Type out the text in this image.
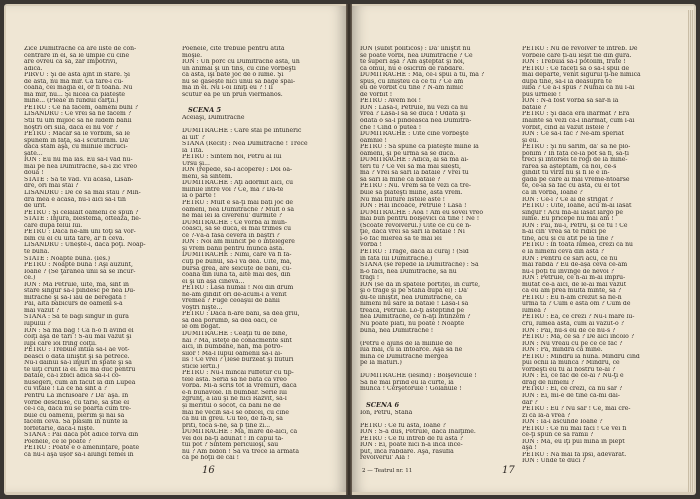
Zice Dumitrache că are liste de con-
centrare în el, să le umple cu cine
are ovreu ca să, zar Împotrivi,
adică.
PIRVU : Şi de asta ajnt în stare. Şi
de asta, nu mă mir. Că tare-i cu-
coana, cei măgia el, or fi toana. Nu
mă mir, nu... Şi nicea că plăteşte
mine... (Pleăe în fundul cărţii.)
PETRU : Ce na facem, oameni buni ?
LISANDRU : Ce vrei să ne facem ?
Stil tu um mijloc să ne ludem banii
noştri ori sila, dacă ei nu vor ?
PETRU : Măcar să le vorbim, să le
spunem în faţă, să-i scuturăm. Da'
dacă stăm aşa, cu mîinile încruci-
şate...
ION : Eu nu mă las. Eu să-l vad nu-
mai pe nea Dumitrache, să-i zic vreo
două !
STATE : Să te văd. Vii acasă, Lisan-
dre, ori mai stai ?
LISANDRU : De ce să mai stau ? Mîn-
dra mea e acasă, nu-i aici să-i tin
de urit.
PETRU : Şi celălalt oameni ce spun ?
STATE : Înjură, blestemă, oftează, fie-
care după felul lui.
PETRU : Dacă ne-am uni toţi să vor-
bim cu el cu uita tare, ar fi ceva.
LISANDRU : Unește-i, dacă poţi. Noap-
te bună.
STATE : Noapte bună. (Ies.)
PETRU : Noapte bună ! Aşi auzunt,
Ioane ? (Se ţaranea unii să se încur-
ce.)
ION : Mă Petrule, uite, mă, sînt in
stare singur să-l pindesc pe nea Du-
mitrache şi să-l iau de beregată !
Păi, alta babicurs de oameni s-a
mai văzut ?
STANA : Să te bagi singur în gura
lupului ?
ION : Să mă bag ! Că n-o fi avind el
colţi aşa de tari ! S-au mai văzut şi
lupi care ioi frîng colţii.
PETRU : Trebuie întîia să-i ae vot-
beasci o dată liniştit şi să petrece.
Nu-i dăinui să-i înjuri în spate şi să
te uiţi crunt la el. Eu mă duc pentru
bătaie, că-i zbici adică să-i-l co-
nusegeri, cum an făcut la din Lupea
cu vitale ! La ce na sînt a ?
Pentru La închisoare ? Da' aşa. În
vorbe deschise, cu tărie, să știe el
ce-i ca, dacă nu se poartă cum tre-
buie cu oamenii, pierim şi nai să
facem ceva. Să plăsim în nunte la
forfetărie, dacă-i nişte.
STANA : Păi dacă pot adice forvă din
Poenele, ce le poate ?
PETRU : Poate e o amenințare, poate
că nu-i aşa ușor să-i alungi femei în
Poenele, cite trebuie pentru atita
moşie.
ION : Un porc cu Dumitrache ăsta, un
un animal şi un tins, cu cine vorbeşti
ca ăsta, îşi bate joc de o lume. Şi
nu se găseşte nici unui să bage spai-
ma în el. Nu i-oi liniţi eu ? ! Îi
scutur ea pe un prun viermănos.

SCENA 5
Aceiaşi, Dumitrache

DUMITRACHE : Care stai pe întuneric
ai uit' ?
STANA (Recit) : Nea Dumitrache ! Trece
la Tita.
PETRU : Sintem noi, Petru al lui
Ursu şi...
ION (repede, să-l acopere) : Doi oa-
meni, să sintem.
DUMITRACHE : Aţi adormit aici, cu
mîinile între voi ? Ce, mă ? Da-te
la o parte !
PETRU : Mult e să-ţi mai bați joc de
oameni, nea Dumitrache ? Mult o să
ne mai iei la cîverenu' durmite ?
DUMITRACHE : Ce vorbă ai mun-
coasci, să se ducă, ei mai trimes cu
ce ?-Vă-a fasă cevera în baştri ?
ION : Noi am muncit pe o înțelegere
şi vrem banii pentru munca asta.
DUMITRACHE : Nimi, care va fi fă-
cuţi pe bunul, să-i vă dea. Uite, mă,
bursa grea, are seicuțe de bani, cu-
coana din luna ta, alte mai des, din
ei şi un aşa cineva...
PETRU : Lasă numai ! Noi din drum
ne-am gîndit ori de-acum-i a venit
vremea ? Fuge ceoaşul de banii
voştri nişte...
PETRU : Dacă n-are bani, să dea griu,
să dea porumb, să dea oaci, ce
le om bogat.
DUMITRACHE : Ceaţii tu de bine,
hai ? Mă, isteţe de conacmente sint
aici, în bumbane, nan, mă potro-
silor ! Mă-l lupul oamenii să-i ai-
lis ! Ce vrei ? (Iese burzeat şi fluturi
sticle iertii.)
PETRU : Nu-i mîncai ruffetur cu tip-
tele ăsta. Seria să ne bată ca vreo
vorbă. Mi-a scris tot la vremuri, dacă
e-n bunăvoie. În bumbar. Serie lui
zgrunţ, a iau şi ne nici Răzvit, să-l
și meritul o socot, că bani ne de
mai ne vecin să-l se obicei, cu cine
ca nu în greu. Cu teo, de fă-n, să
priti, toca s-ne, să p ține zi...
DUMITRACHE : Mă, mare de-aici, că
vei doi bă-ţi adunat ! În capul tă-
tui pot ? Sîntem periculoşi, sau
nu ? Am bidon ! Să va trece la armata
ca pe hoţii de cai !
16
ION (subit politicos) : Da' liniştit nu
se poate vorbi, nea Dumitrache ? Ce
te superi aşa ? Am aşteptat şi noi,
ca omul, nu e osicrim de răbdare.
DUMITRACHE : Mă, ce-i spui a tu, mă ?
spus, cu lînișteu ca ce tu ? Ce am
eu de vorbit cu tine ? N-am nimic
de vorbit !
PETRU : Avem noi !
ION : Lasă-l, Petrule, nu vezi că nu
vrea ? Lasă-l să se ducă ! Odată şi
odată o să-l pindească nea Dumitra-
che ! Cînd o putea !
DUMITRACHE : Uite cine vorbeşte
oamnie !
PETRU : Să spune că plăteşte mîine la
oameni, şi pe urmă să se ducă.
DUMITRACHE : Adică, ai să mă ai-
teri tu ? Ce vei să mă mai sîlești,
mă ? Vrei să sari la bătaie ? Vrei tu
să sari la mine ca bătaie ?
PETRU : Nu. Vrem să te vezi că tre-
buie să plăteşti mîine, asta vrem.
Nu mai fluture listele aste !
ION : Hai încoace, Petrule ! Lasă !
DUMITRACHE : Aoa ! Am eu sovei vreo
mai bun pentru bolşevici ca tine ! Ne !
(Scoate revolverul.) Uite ce cu ce n-
ţie, dacă vrei să sari la bătaie ! Ni
i-o fac mierea să te mai iei
vorba !
PETRU : Trage, dacă ai curaj ! (Sîd
în fata lui Dumitrache.)
STANA (se repede la Dumitrache) : Să
n-o faci, nea Dumitrache, să nu
tragi !
ION (se dă în spatele portiţei, în curte,
şi o trage şi pe Stana după el) : Da'
du-te liniştit, nea Dumitrache, că
nimeni nu sare la bătaie ! Lasă-l să
treacă, Petrule. Lo-ţi asteptind pe
nea Dumitrache, ce n-ăţi întinzem ?
Nu poate plăti, nu poate ! Noapte
bună, nea Dumitrache !

(Petru e ajuns de la mîinile de
lua mai, cu la intoarce. Aşa să ne
mină ce Dumitrache mergea
pe la maturi.)

DUMITRACHE (iesind) : Bolşevicule !
Să ne mai prind eu la curte, la
muncă ! Cerşetorule ! Golanule !

SCENA 6
Ion, Petru, Stana

PETRU : Ce fu asta, Ioane ?
ION : S-a dus, Petrule, dacă Înălţime.
PETRU : Ce fu întreb de fu asta ?
ION : Ei, poate nici n-a încă înce-
put, încă răbdare. Aşa, răsuflă
revolverul' Ala !
PETRU : Nu de revolver te întreb. De
vorbele care ți-au ieşit tie din gură.
ION : Trebuia să-l potolim, frate !
PETRU : Ce faceți să o să-l spui de
mai departe, venit sigurul ţi-ne nimica
după tine, să-l ia deasupra te
iubă ? Ce a-i spus ? Numai că nu l-ai
pus urmele !
ION : N-a fost vorba să sar-n la
bătaie ?
PETRU : Şi dacă era înarmat ? Era
Înainte să vezi că-i înarmat, cum l-ai
vorbit, cînd ai văzut listele ?
ION : Ce să-i fac ? Ne-am speriat
şi eu.
PETRU : Şi nu sărim, da' să ne plo-
ponim ? În fața ce-ia pot să fi, să-ți
treci și întorsei te rogi de la mine-
rarea să așteptăm, că noi, ce-s
gîndit tu vîrzi nu și fi le e în-
gădă pe care ai mai vreme-ntoarse
te, ce-ia să fac cu asta, cu el tot
ca în vorbă, Ioane ?
ION : Ce-i ? Ce ai de strigat ?
PETRU : Uite, Ioane, acu m-ai lăsat
singur ! Acu mă-ai lăsat largo pe
lume. Eu pricepe nu mai am !
ION : Păi, nu-i, Petru, și ce tu ! Ce
n-ai cin' vrea să te ridici pe
tine, acu și cu atît pe la tine ?
PETRU : În toată lumea, crezi că nu
e la nimeni ceva din asta ?
ION : Pentru ce sari acu, ce nu
mai rabdă ? Eu de-așa ceva ce-am
nu-i poți tu învinge de nevoi ?
ION : Petrule, ce n-ai m-ai împru-
mutat ce-a aici, de le-ai mai văzut
că eu am prea multă minte, să ?
PETRU : Eu n-am crezut să fie-n
urma ta ? Cum e ăsta om ? Cum de
lumea ?
PETRU : Ea, ce crezi ? Nu-i mare lu-
cru, lumea asta, cum ai văzut-o ?
ION : Păi, nu-s eu de ce nu-s ?
PETRU : Mă, ce să ? De aici încolo ?
ION : Nu vreau cu pe ce ce fac ?
ION : Pă, mîndra ca mine.
PETRU : Mîndru la hună. Mîndru cînd
pui ochii la munca ? Mîndru, ce
vorbeşti eu tu al nostru te-ai ?
ION : Ei, ce fac de ce-ai ? Nu-ţi e
drag de nimeni ?
PETRU : Ei, ce crezi, că nu sar ?
ION : Ei, mi-e de tine că-mi dai-
dar ?
PETRU : Eu ? Nu sar ! Ce, mai cre-
zi că la-a vrea ?
ION : Ia-i ascunde Ioane ?
PETRU : Ce nu mai faci ! Ce vei fi
ce-ţi spun ce să rămîi ?
ION : Mă, eu iţi pui mîna în piept
aşa !
PETRU : Na mai fă ipsi, adevărat.
ION : Unde te duci ?
2 — Teatrul nr. 11	17
